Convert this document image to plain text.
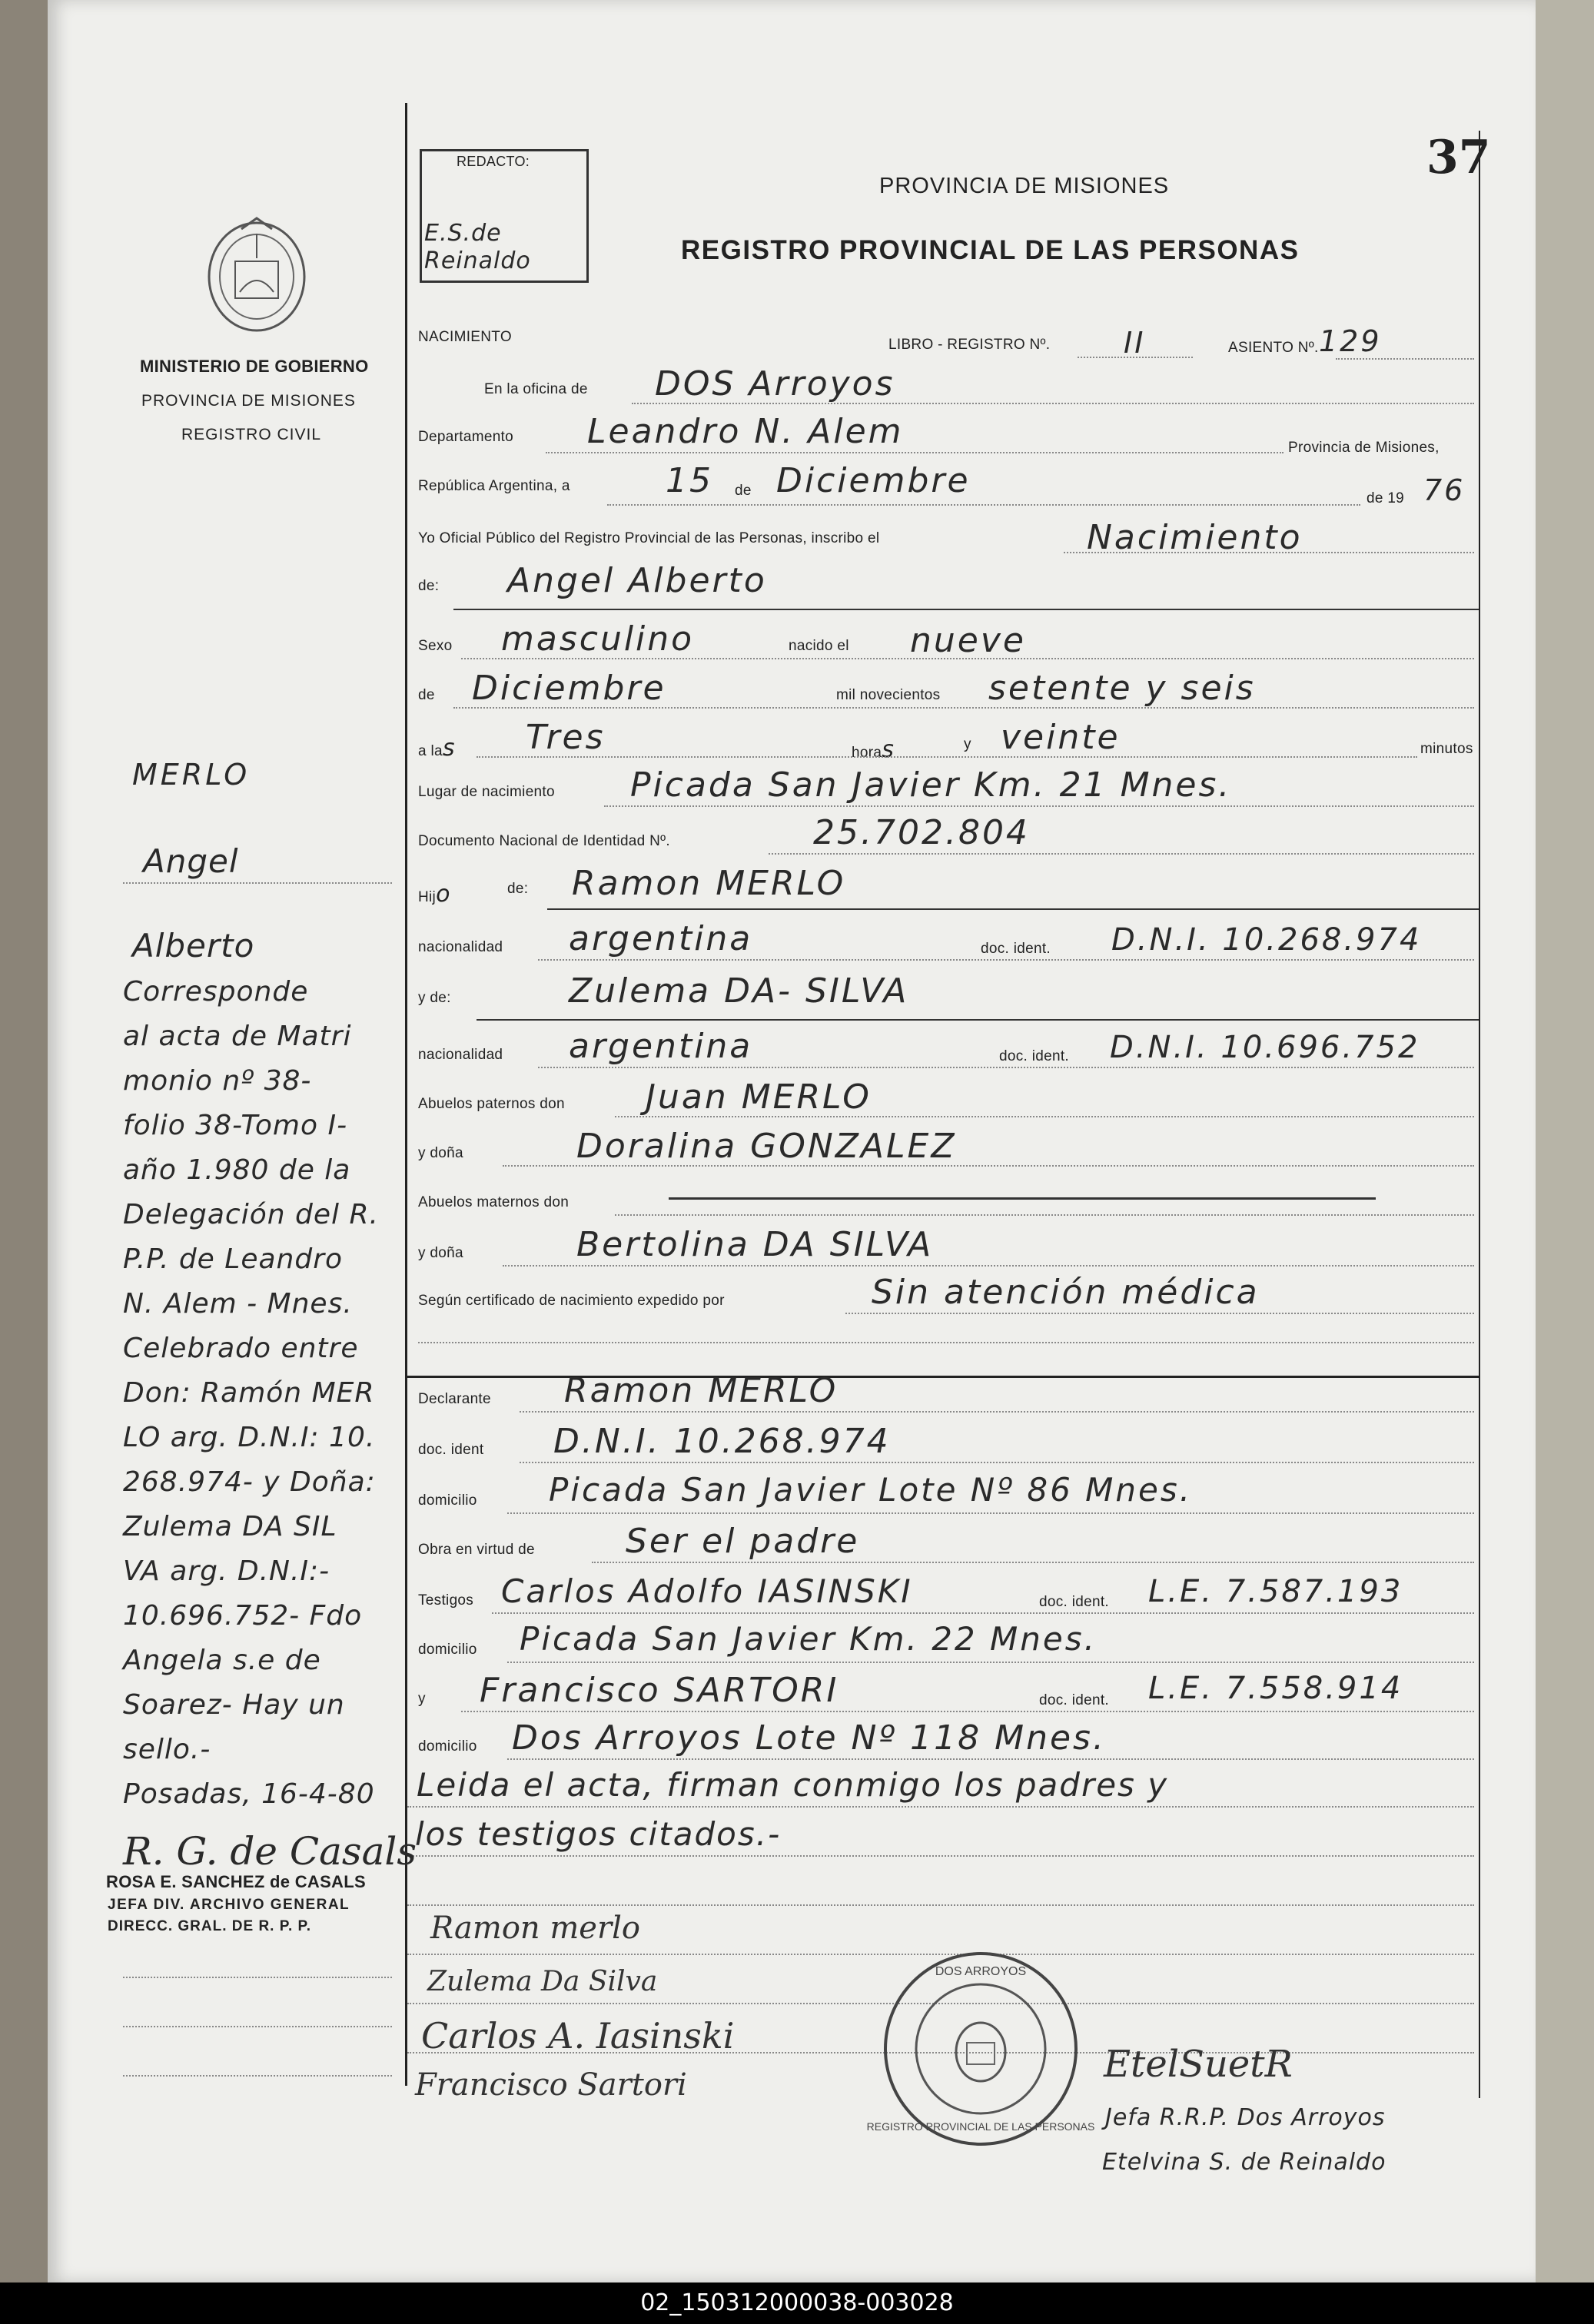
37
REDACTO:
E.S.de
Reinaldo
PROVINCIA DE MISIONES
REGISTRO PROVINCIAL DE LAS PERSONAS
MINISTERIO DE GOBIERNO
PROVINCIA DE MISIONES
REGISTRO CIVIL
NACIMIENTO	LIBRO - REGISTRO Nº.	II	ASIENTO Nº. 129
En la oficina de DOS Arroyos
Departamento Leandro N. Alem	Provincia de Misiones,
República Argentina, a	15 de Diciembre	de 19 76
Yo Oficial Público del Registro Provincial de las Personas, inscribo el	Nacimiento
de: Angel Alberto
Sexo masculino	nacido el nueve
de Diciembre	mil novecientos setente y seis
a las Tres	horas	y veinte	minutos
Lugar de nacimiento Picada San Javier Km. 21 Mnes.
Documento Nacional de Identidad Nº.	25.702.804
Hijo	de: Ramon MERLO
nacionalidad argentina	doc. ident. D.N.I. 10.268.974
y de:	Zulema DA- SILVA
nacionalidad argentina	doc. ident. D.N.I. 10.696.752
Abuelos paternos don Juan MERLO
y doña	Doralina GONZALEZ
Abuelos maternos don
y doña	Bertolina DA SILVA
Según certificado de nacimiento expedido por	Sin atención médica
Declarante Ramon MERLO
doc. ident D.N.I. 10.268.974
domicilio Picada San Javier Lote Nº 86 Mnes.
Obra en virtud de	Ser el padre
Testigos Carlos Adolfo IASINSKI	doc. ident. L.E. 7.587.193
domicilio Picada San Javier Km. 22 Mnes.
y Francisco SARTORI	doc. ident. L.E. 7.558.914
domicilio Dos Arroyos Lote Nº 118 Mnes.
Leida el acta, firman conmigo los padres y
los testigos citados.-
MERLO
Angel
Alberto
Corresponde
al acta de Matri
monio nº 38-
folio 38-Tomo I-
año 1.980 de la
Delegación del R.
P.P. de Leandro
N. Alem - Mnes.
Celebrado entre
Don: Ramón MER
LO arg. D.N.I: 10.
268.974- y Doña:
Zulema DA SIL
VA arg. D.N.I:-
10.696.752- Fdo
Angela s.e de
Soarez- Hay un
sello.-
Posadas, 16-4-80
R. G. de Casals
ROSA E. SANCHEZ de CASALS
JEFA DIV. ARCHIVO GENERAL
DIRECC. GRAL. DE R. P. P.	Ramon merlo
Zulema Da Silva
Carlos A. Iasinski
Francisco Sartori
DOS ARROYOS
REGISTRO PROVINCIAL DE LAS PERSONAS
EtelSuetR
Jefa R.R.P. Dos Arroyos
Etelvina S. de Reinaldo
02_150312000038-003028
